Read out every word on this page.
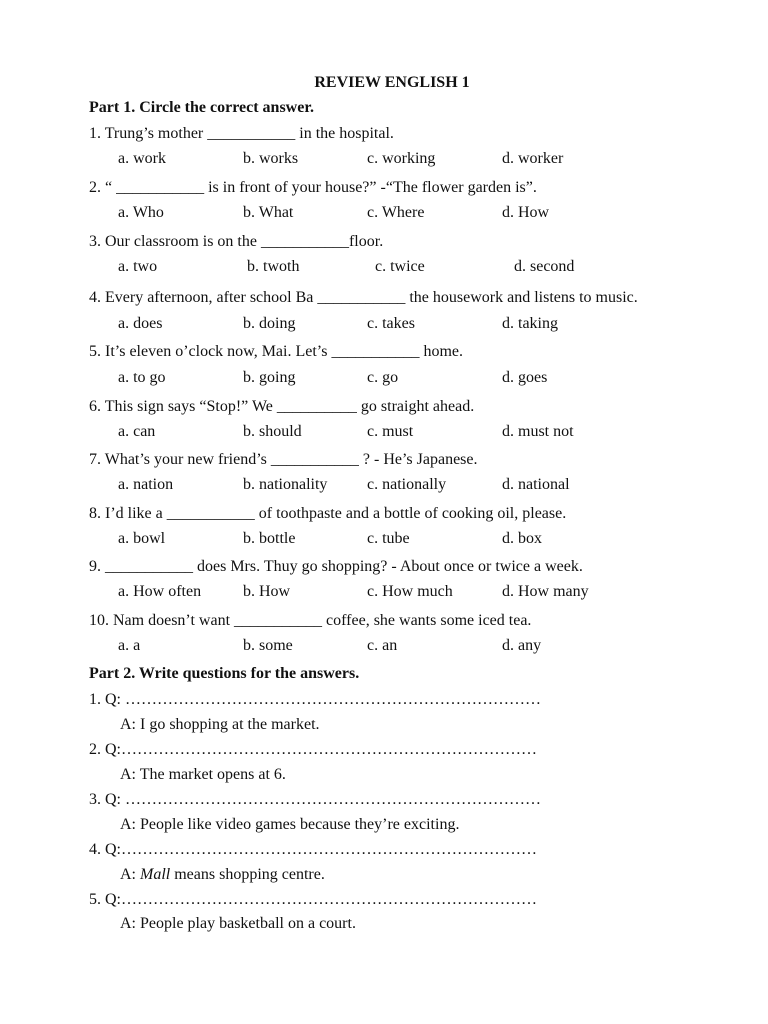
REVIEW ENGLISH 1
Part 1. Circle the correct answer.
1. Trung’s mother ___________ in the hospital.
a. work	b. works	c. working	d. worker
2. “ ___________ is in front of your house?” -“The flower garden is”.
a. Who	b. What	c. Where	d. How
3. Our classroom is on the ___________floor.
a. two	b. twoth	c. twice	d. second
4. Every afternoon, after school Ba ___________ the housework and listens to music.
a. does	b. doing	c. takes	d. taking
5. It’s eleven o’clock now, Mai. Let’s ___________ home.
a. to go	b. going	c. go	d. goes
6. This sign says “Stop!” We __________ go straight ahead.
a. can	b. should	c. must	d. must not
7. What’s your new friend’s ___________ ? - He’s Japanese.
a. nation	b. nationality c. nationally	d. national
8. I’d like a ___________ of toothpaste and a bottle of cooking oil, please.
a. bowl	b. bottle	c. tube	d. box
9. ___________ does Mrs. Thuy go shopping? - About once or twice a week.
a. How often	b. How	c. How much	d. How many
10. Nam doesn’t want ___________ coffee, she wants some iced tea.
a. a	b. some	c. an	d. any
Part 2. Write questions for the answers.
1. Q: ……………………………………………………………………
A: I go shopping at the market.
2. Q:……………………………………………………………………
A: The market opens at 6.
3. Q: ……………………………………………………………………
A: People like video games because they’re exciting.
4. Q:……………………………………………………………………
A: Mall means shopping centre.
5. Q:……………………………………………………………………
A: People play basketball on a court.
